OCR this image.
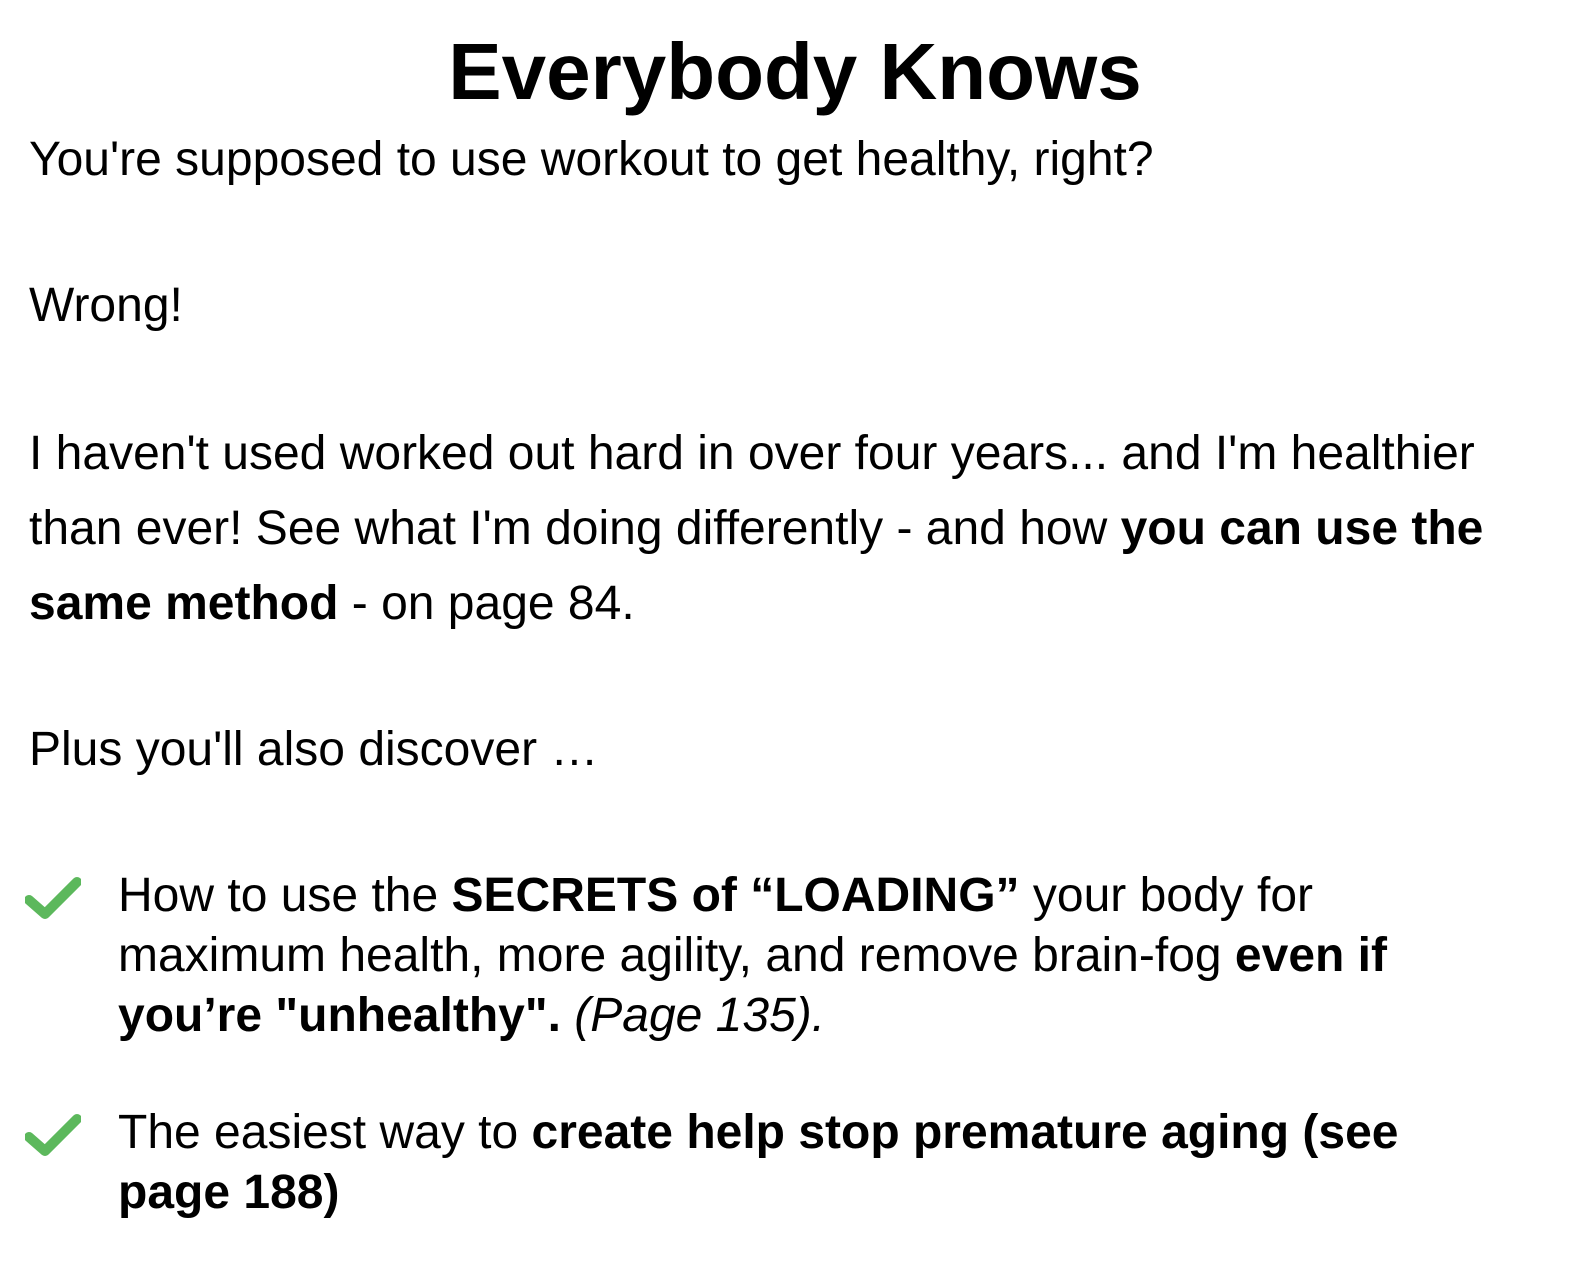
Everybody Knows

You're supposed to use workout to get healthy, right?

Wrong!

I haven't used worked out hard in over four years... and I'm healthier than ever! See what I'm doing differently - and how you can use the same method - on page 84.

Plus you'll also discover …

How to use the SECRETS of “LOADING” your body for maximum health, more agility, and remove brain-fog even if you’re "unhealthy". (Page 135).

The easiest way to create help stop premature aging (see page 188)
